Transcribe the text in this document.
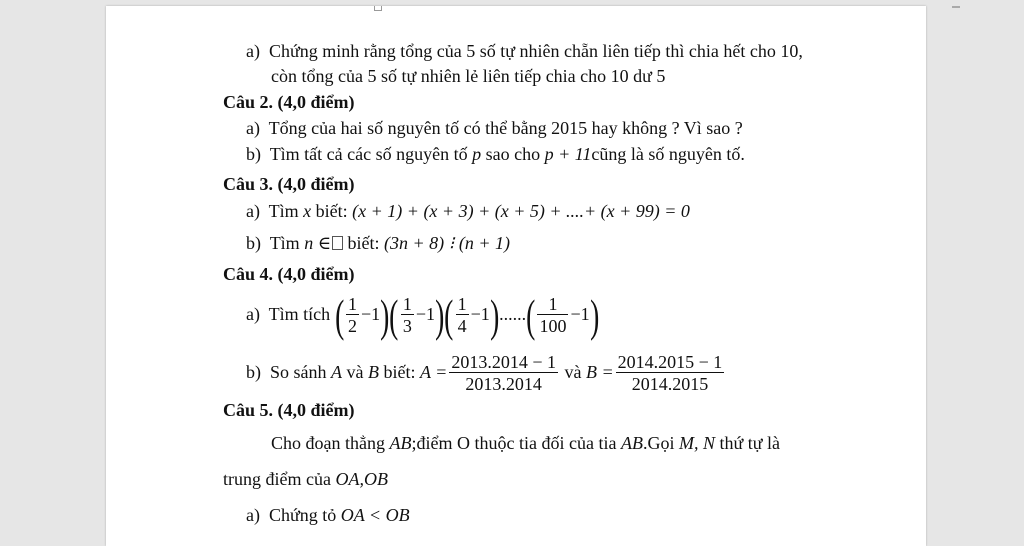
a) Chứng minh rằng tổng của 5 số tự nhiên chẵn liên tiếp thì chia hết cho 10,
còn tổng của 5 số tự nhiên lẻ liên tiếp chia cho 10 dư 5
Câu 2. (4,0 điểm)
a) Tổng của hai số nguyên tố có thể bằng 2015 hay không ? Vì sao ?
b) Tìm tất cả các số nguyên tố p sao cho p + 11cũng là số nguyên tố.
Câu 3. (4,0 điểm)
a) Tìm x biết: (x + 1) + (x + 3) + (x + 5) + ....+ (x + 99) = 0
b) Tìm n ∈ biết: (3n + 8) ⁝ (n + 1)
Câu 4. (4,0 điểm)
a) Tìm tích ( $\frac{1}{2} -1)( \frac{1}{3} -1)( \frac{1}{4} -1)......( \frac{1}{100} -1)$
b) So sánh A và B biết: $A = \frac{2013.2014 - 1}{2013.2014}$ và $B = \frac{2014.2015 - 1}{2014.2015}$
Câu 5. (4,0 điểm)
Cho đoạn thẳng AB;điểm O thuộc tia đối của tia AB.Gọi M, N thứ tự là
trung điểm của OA,OB
a) Chứng tỏ OA < OB
